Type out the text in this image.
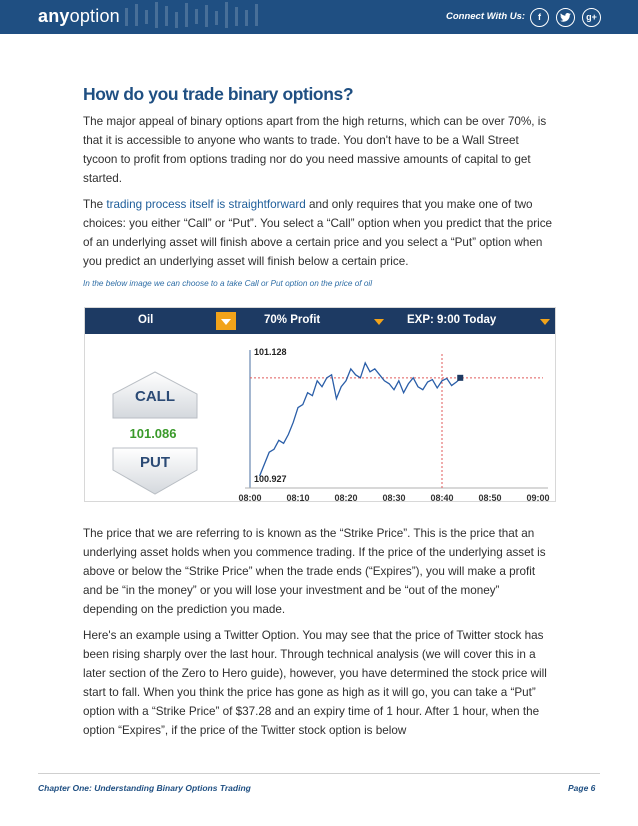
anyoption	Connect With Us:	f	g+
How do you trade binary options?

The major appeal of binary options apart from the high returns, which can be over 70%, is that it is accessible to anyone who wants to trade. You don't have to be a Wall Street tycoon to profit from options trading nor do you need massive amounts of capital to get started.

The trading process itself is straightforward and only requires that you make one of two choices: you either “Call” or “Put”. You select a “Call” option when you predict that the price of an underlying asset will finish above a certain price and you select a “Put” option when you predict an underlying asset will finish below a certain price.

In the below image we can choose to a take Call or Put option on the price of oil
Oil	70% Profit	EXP: 9:00 Today
CALL
101.086
PUT
08:00	08:10	08:20	08:30	08:40	08:50	09:00
101.128
100.927

The price that we are referring to is known as the “Strike Price”. This is the price that an underlying asset holds when you commence trading. If the price of the underlying asset is above or below the “Strike Price” when the trade ends (“Expires”), you will make a profit and be “in the money” or you will lose your investment and be “out of the money” depending on the prediction you made.

Here's an example using a Twitter Option. You may see that the price of Twitter stock has been rising sharply over the last hour. Through technical analysis (we will cover this in a later section of the Zero to Hero guide), however, you have determined the stock price will start to fall. When you think the price has gone as high as it will go, you can take a “Put” option with a “Strike Price” of $37.28 and an expiry time of 1 hour. After 1 hour, when the option “Expires”, if the price of the Twitter stock option is below

Chapter One: Understanding Binary Options Trading	Page 6
